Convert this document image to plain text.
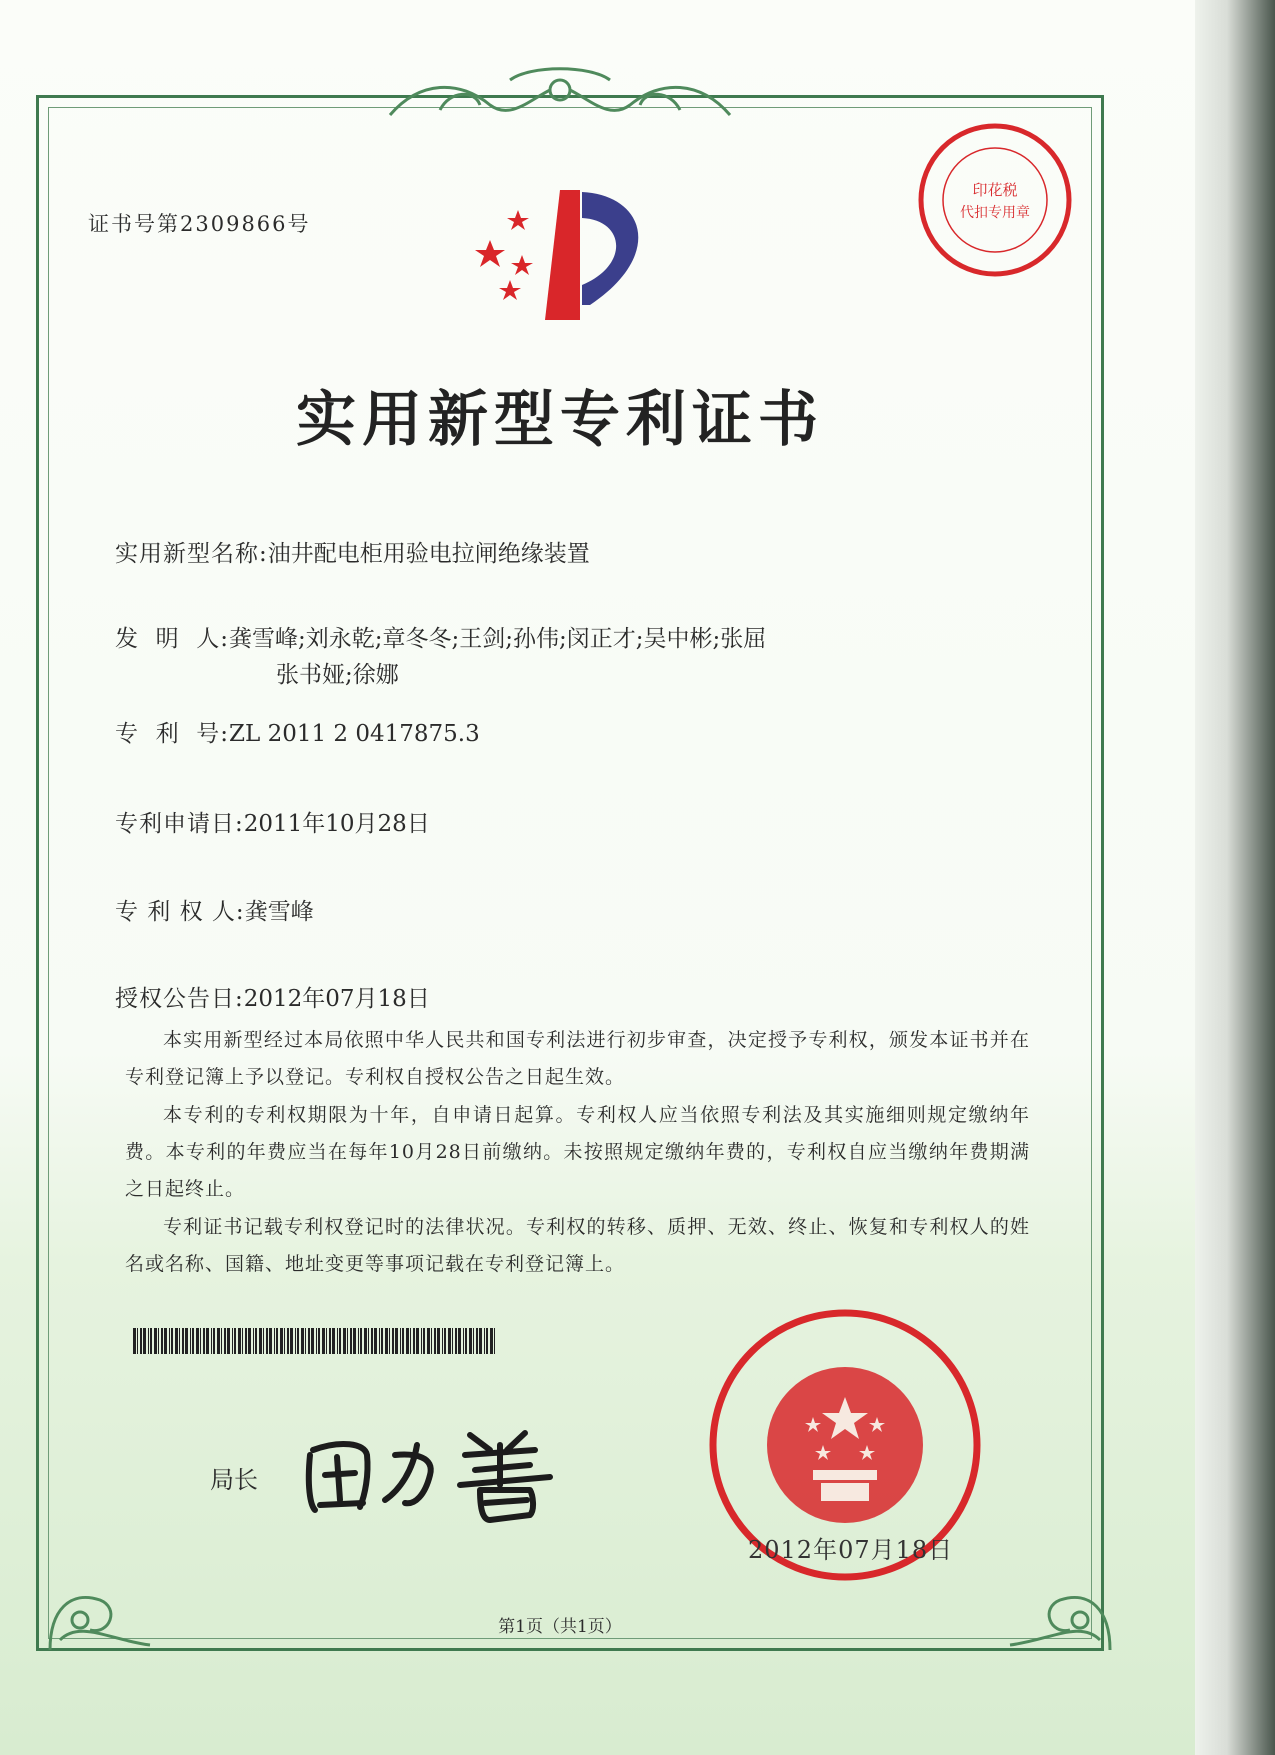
证书号第2309866号
印花税
代扣专用章
实用新型专利证书
实用新型名称:油井配电柜用验电拉闸绝缘装置
发  明  人:龚雪峰;刘永乾;章冬冬;王剑;孙伟;闵正才;吴中彬;张屈
张书娅;徐娜
专  利  号:ZL 2011 2 0417875.3
专利申请日:2011年10月28日
专 利 权 人:龚雪峰
授权公告日:2012年07月18日

本实用新型经过本局依照中华人民共和国专利法进行初步审查，决定授予专利权，颁发本证书并在专利登记簿上予以登记。专利权自授权公告之日起生效。

本专利的专利权期限为十年，自申请日起算。专利权人应当依照专利法及其实施细则规定缴纳年费。本专利的年费应当在每年10月28日前缴纳。未按照规定缴纳年费的，专利权自应当缴纳年费期满之日起终止。

专利证书记载专利权登记时的法律状况。专利权的转移、质押、无效、终止、恢复和专利权人的姓名或名称、国籍、地址变更等事项记载在专利登记簿上。

局长
2012年07月18日
第1页（共1页）
